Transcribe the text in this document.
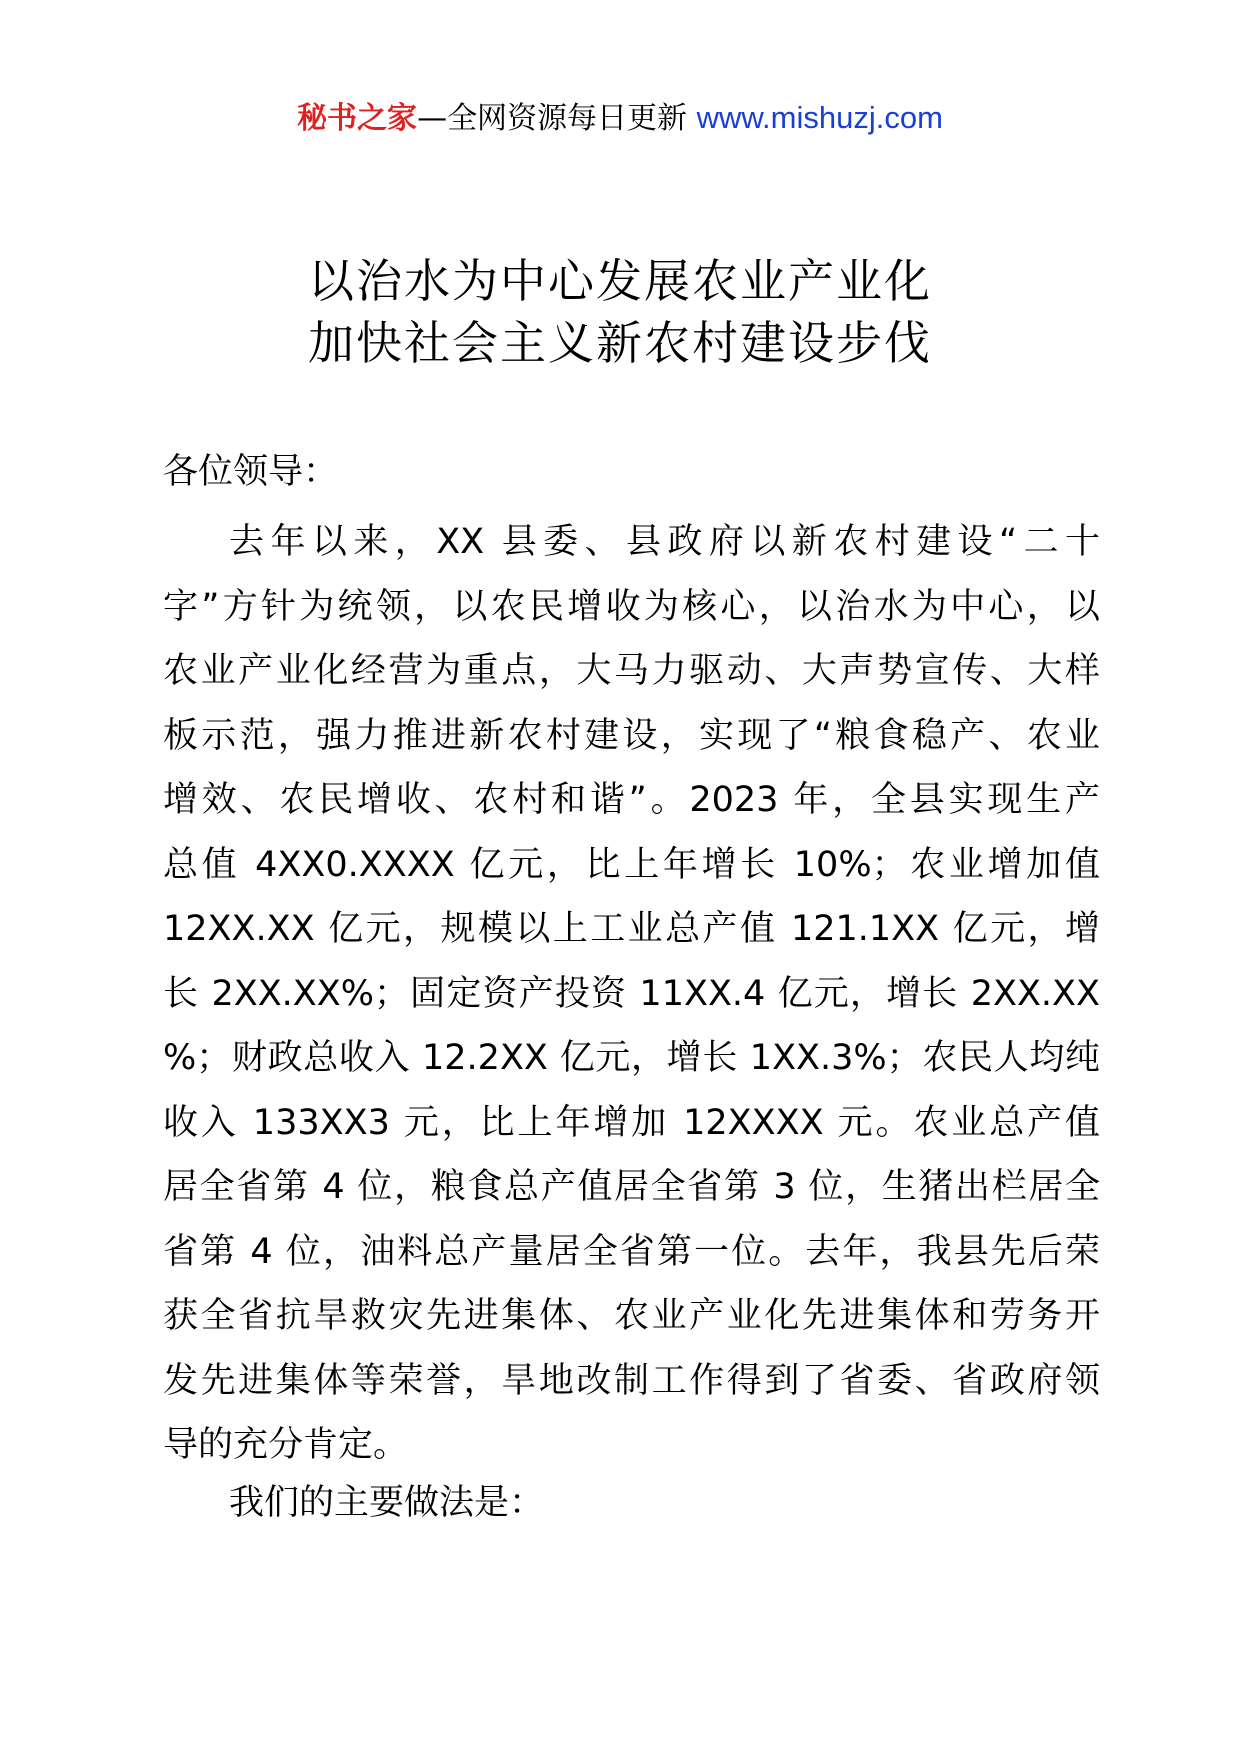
秘书之家—全网资源每日更新 www.mishuzj.com
以治水为中心发展农业产业化
加快社会主义新农村建设步伐
各位领导：
去年以来，XX 县委、县政府以新农村建设“二十
字”方针为统领，以农民增收为核心，以治水为中心，以
农业产业化经营为重点，大马力驱动、大声势宣传、大样
板示范，强力推进新农村建设，实现了“粮食稳产、农业
增效、农民增收、农村和谐”。2023 年，全县实现生产
总值 4XX0.XXXX 亿元，比上年增长 10%；农业增加值
12XX.XX 亿元，规模以上工业总产值 121.1XX 亿元，增
长 2XX.XX%；固定资产投资 11XX.4 亿元，增长 2XX.XX
%；财政总收入 12.2XX 亿元，增长 1XX.3%；农民人均纯
收入 133XX3 元，比上年增加 12XXXX 元。农业总产值
居全省第 4 位，粮食总产值居全省第 3 位，生猪出栏居全
省第 4 位，油料总产量居全省第一位。去年，我县先后荣
获全省抗旱救灾先进集体、农业产业化先进集体和劳务开
发先进集体等荣誉，旱地改制工作得到了省委、省政府领
导的充分肯定。
我们的主要做法是：
